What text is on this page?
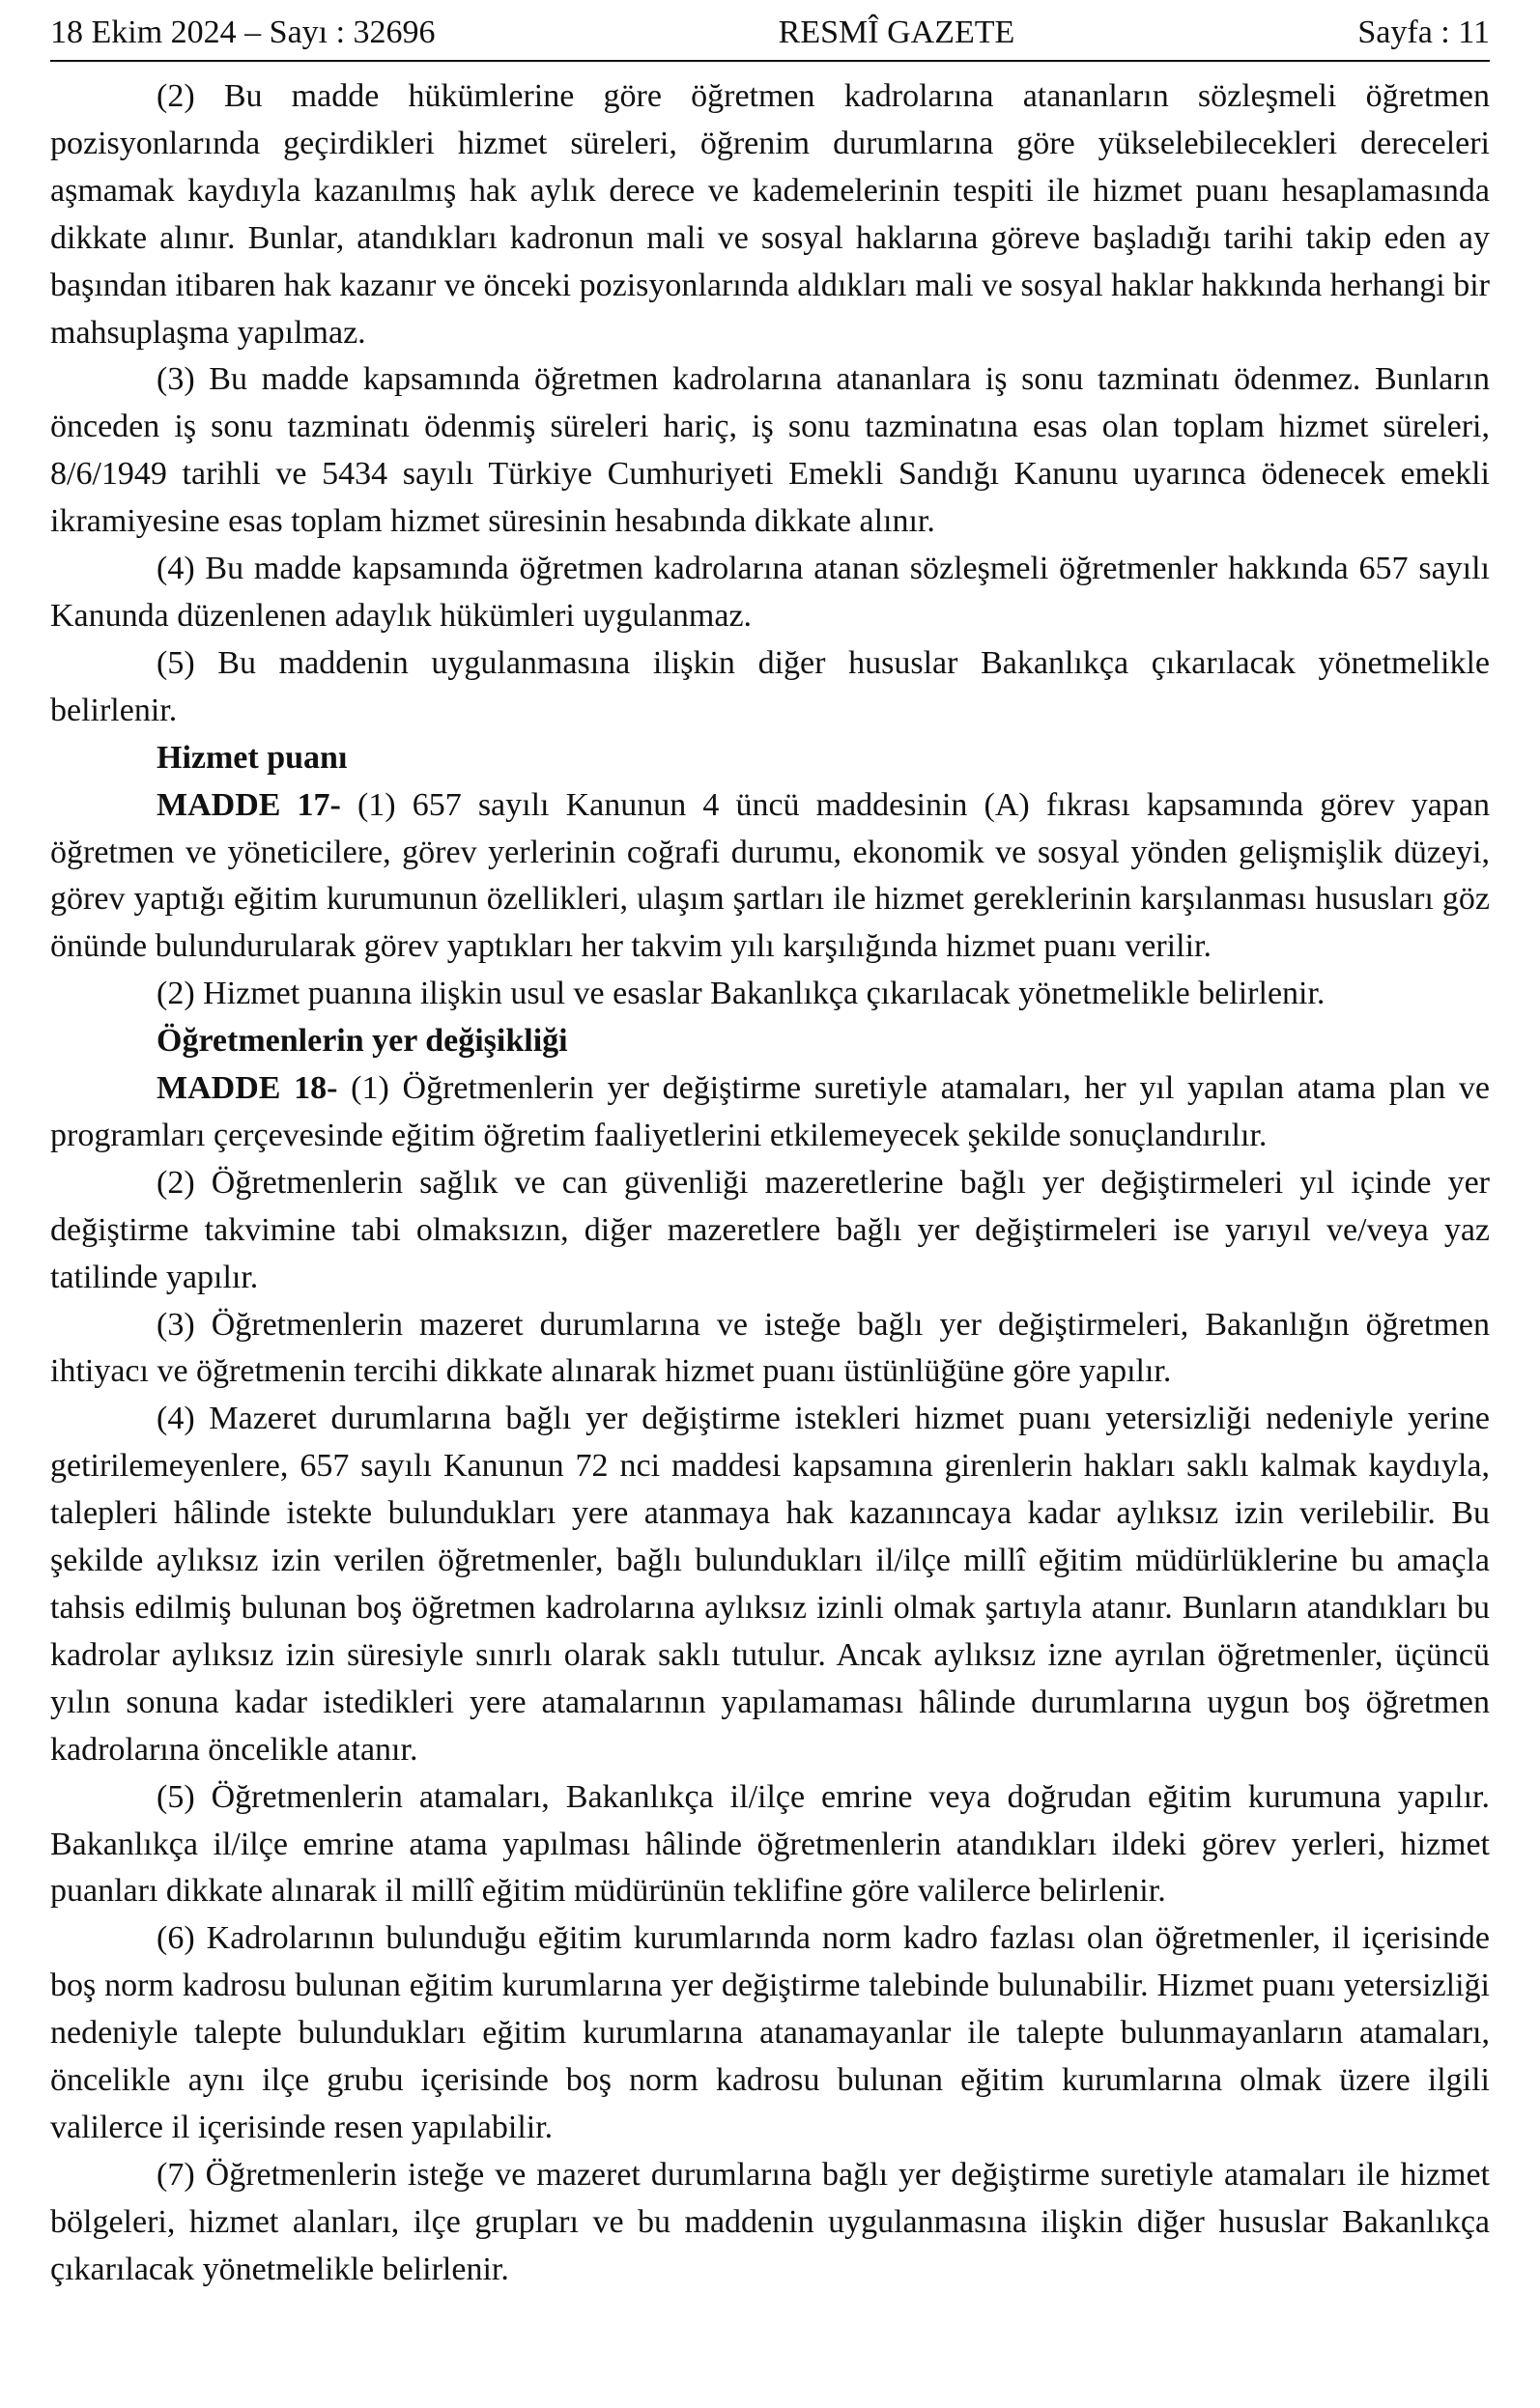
18 Ekim 2024 – Sayı : 32696	RESMÎ GAZETE	Sayfa : 11

(2) Bu madde hükümlerine göre öğretmen kadrolarına atananların sözleşmeli öğretmen pozisyonlarında geçirdikleri hizmet süreleri, öğrenim durumlarına göre yükselebilecekleri dereceleri aşmamak kaydıyla kazanılmış hak aylık derece ve kademelerinin tespiti ile hizmet puanı hesaplamasında dikkate alınır. Bunlar, atandıkları kadronun mali ve sosyal haklarına göreve başladığı tarihi takip eden ay başından itibaren hak kazanır ve önceki pozisyonlarında aldıkları mali ve sosyal haklar hakkında herhangi bir mahsuplaşma yapılmaz.

(3) Bu madde kapsamında öğretmen kadrolarına atananlara iş sonu tazminatı ödenmez. Bunların önceden iş sonu tazminatı ödenmiş süreleri hariç, iş sonu tazminatına esas olan toplam hizmet süreleri, 8/6/1949 tarihli ve 5434 sayılı Türkiye Cumhuriyeti Emekli Sandığı Kanunu uyarınca ödenecek emekli ikramiyesine esas toplam hizmet süresinin hesabında dikkate alınır.

(4) Bu madde kapsamında öğretmen kadrolarına atanan sözleşmeli öğretmenler hakkında 657 sayılı Kanunda düzenlenen adaylık hükümleri uygulanmaz.

(5) Bu maddenin uygulanmasına ilişkin diğer hususlar Bakanlıkça çıkarılacak yönetmelikle belirlenir.

Hizmet puanı

MADDE 17- (1) 657 sayılı Kanunun 4 üncü maddesinin (A) fıkrası kapsamında görev yapan öğretmen ve yöneticilere, görev yerlerinin coğrafi durumu, ekonomik ve sosyal yönden gelişmişlik düzeyi, görev yaptığı eğitim kurumunun özellikleri, ulaşım şartları ile hizmet gereklerinin karşılanması hususları göz önünde bulundurularak görev yaptıkları her takvim yılı karşılığında hizmet puanı verilir.

(2) Hizmet puanına ilişkin usul ve esaslar Bakanlıkça çıkarılacak yönetmelikle belirlenir.

Öğretmenlerin yer değişikliği

MADDE 18- (1) Öğretmenlerin yer değiştirme suretiyle atamaları, her yıl yapılan atama plan ve programları çerçevesinde eğitim öğretim faaliyetlerini etkilemeyecek şekilde sonuçlandırılır.

(2) Öğretmenlerin sağlık ve can güvenliği mazeretlerine bağlı yer değiştirmeleri yıl içinde yer değiştirme takvimine tabi olmaksızın, diğer mazeretlere bağlı yer değiştirmeleri ise yarıyıl ve/veya yaz tatilinde yapılır.

(3) Öğretmenlerin mazeret durumlarına ve isteğe bağlı yer değiştirmeleri, Bakanlığın öğretmen ihtiyacı ve öğretmenin tercihi dikkate alınarak hizmet puanı üstünlüğüne göre yapılır.

(4) Mazeret durumlarına bağlı yer değiştirme istekleri hizmet puanı yetersizliği nedeniyle yerine getirilemeyenlere, 657 sayılı Kanunun 72 nci maddesi kapsamına girenlerin hakları saklı kalmak kaydıyla, talepleri hâlinde istekte bulundukları yere atanmaya hak kazanıncaya kadar aylıksız izin verilebilir. Bu şekilde aylıksız izin verilen öğretmenler, bağlı bulundukları il/ilçe millî eğitim müdürlüklerine bu amaçla tahsis edilmiş bulunan boş öğretmen kadrolarına aylıksız izinli olmak şartıyla atanır. Bunların atandıkları bu kadrolar aylıksız izin süresiyle sınırlı olarak saklı tutulur. Ancak aylıksız izne ayrılan öğretmenler, üçüncü yılın sonuna kadar istedikleri yere atamalarının yapılamaması hâlinde durumlarına uygun boş öğretmen kadrolarına öncelikle atanır.

(5) Öğretmenlerin atamaları, Bakanlıkça il/ilçe emrine veya doğrudan eğitim kurumuna yapılır. Bakanlıkça il/ilçe emrine atama yapılması hâlinde öğretmenlerin atandıkları ildeki görev yerleri, hizmet puanları dikkate alınarak il millî eğitim müdürünün teklifine göre valilerce belirlenir.

(6) Kadrolarının bulunduğu eğitim kurumlarında norm kadro fazlası olan öğretmenler, il içerisinde boş norm kadrosu bulunan eğitim kurumlarına yer değiştirme talebinde bulunabilir. Hizmet puanı yetersizliği nedeniyle talepte bulundukları eğitim kurumlarına atanamayanlar ile talepte bulunmayanların atamaları, öncelikle aynı ilçe grubu içerisinde boş norm kadrosu bulunan eğitim kurumlarına olmak üzere ilgili valilerce il içerisinde resen yapılabilir.

(7) Öğretmenlerin isteğe ve mazeret durumlarına bağlı yer değiştirme suretiyle atamaları ile hizmet bölgeleri, hizmet alanları, ilçe grupları ve bu maddenin uygulanmasına ilişkin diğer hususlar Bakanlıkça çıkarılacak yönetmelikle belirlenir.
